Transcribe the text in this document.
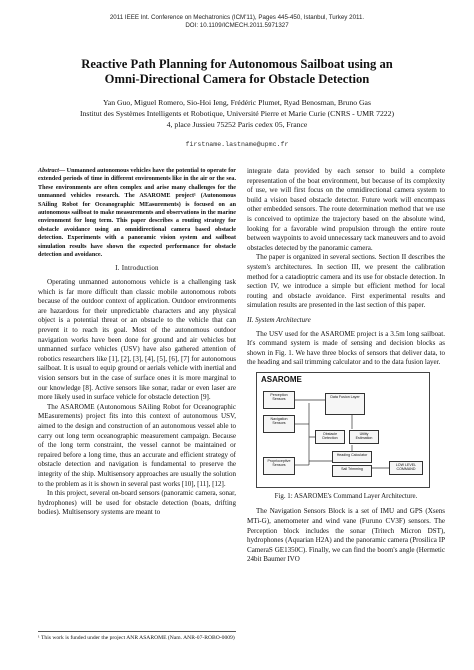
2011 IEEE Int. Conference on Mechatronics (ICM'11), Pages 445-450, Istanbul, Turkey 2011.
DOI: 10.1109/ICMECH.2011.5971327
Reactive Path Planning for Autonomous Sailboat using an
Omni-Directional Camera for Obstacle Detection
Yan Guo, Miguel Romero, Sio-Hoi Ieng, Frédéric Plumet, Ryad Benosman, Bruno Gas
Institut des Systèmes Intelligents et Robotique, Université Pierre et Marie Curie (CNRS - UMR 7222)
4, place Jussieu 75252 Paris cedex 05, France
firstname.lastname@upmc.fr
Abstract— Unmanned autonomous vehicles have the potential to operate for extended periods of time in different environments like in the air or the sea. These environments are often complex and arise many challenges for the unmanned vehicles research. The ASAROME project¹ (Autonomous SAiling Robot for Oceanographic MEasurements) is focused on an autonomous sailboat to make measurements and observations in the marine environment for long term. This paper describes a routing strategy for obstacle avoidance using an omnidirectional camera based obstacle detection. Experiments with a panoramic vision system and sailboat simulation results have shown the expected performance for obstacle detection and avoidance.
I. Introduction

Operating unmanned autonomous vehicle is a challenging task which is far more difficult than classic mobile autonomous robots because of the outdoor context of application. Outdoor environments are hazardous for their unpredictable characters and any physical object is a potential threat or an obstacle to the vehicle that can prevent it to reach its goal. Most of the autonomous outdoor navigation works have been done for ground and air vehicles but unmanned surface vehicles (USV) have also gathered attention of robotics researchers like [1], [2], [3], [4], [5], [6], [7] for autonomous sailboat. It is usual to equip ground or aerials vehicle with inertial and vision sensors but in the case of surface ones it is more marginal to our knowledge [8]. Active sensors like sonar, radar or even laser are more likely used in surface vehicle for obstacle detection [9].

The ASAROME (Autonomous SAiling Robot for Oceanographic MEasurements) project fits into this context of autonomous USV, aimed to the design and construction of an autonomous vessel able to carry out long term oceanographic measurement campaign. Because of the long term constraint, the vessel cannot be maintained or repaired before a long time, thus an accurate and efficient strategy of obstacle detection and navigation is fundamental to preserve the integrity of the ship. Multisensory approaches are usually the solution to the problem as it is shown in several past works [10], [11], [12].

In this project, several on-board sensors (panoramic camera, sonar, hydrophones) will be used for obstacle detection (boats, drifting bodies). Multisensory systems are meant to

¹ This work is funded under the project ANR ASAROME (Nam. ANR-07-ROBO-0009)

integrate data provided by each sensor to build a complete representation of the boat environment, but because of its complexity of use, we will first focus on the omnidirectional camera system to build a vision based obstacle detector. Future work will encompass other embedded sensors. The route determination method that we use is conceived to optimize the trajectory based on the absolute wind, looking for a favorable wind propulsion through the entire route between waypoints to avoid unnecessary tack maneuvers and to avoid obstacles detected by the panoramic camera.

The paper is organized in several sections. Section II describes the system's architectures. In section III, we present the calibration method for a catadioptric camera and its use for obstacle detection. In section IV, we introduce a simple but efficient method for local routing and obstacle avoidance. First experimental results and simulation results are presented in the last section of this paper.

II. System Architecture

The USV used for the ASAROME project is a 3.5m long sailboat. It's command system is made of sensing and decision blocks as shown in Fig. 1. We have three blocks of sensors that deliver data, to the heading and sail trimming calculator and to the data fusion layer.

ASAROME
Perception Sensors
Navigation Sensors
Proprioceptive Sensors
Data Fusion Layer
Obstacle Detection
Utility Estimation
Heading Calculator
Sail Trimming
LOW LEVEL COMMAND
Fig. 1: ASAROME's Command Layer Architecture.

The Navigation Sensors Block is a set of IMU and GPS (Xsens MTi-G), anemometer and wind vane (Furuno CV3F) sensors. The Perception block includes the sonar (Tritech Micron DST), hydrophones (Aquarian H2A) and the panoramic camera (Prosilica IP CameraS GE1350C). Finally, we can find the boom's angle (Hermetic 24bit Baumer IVO
